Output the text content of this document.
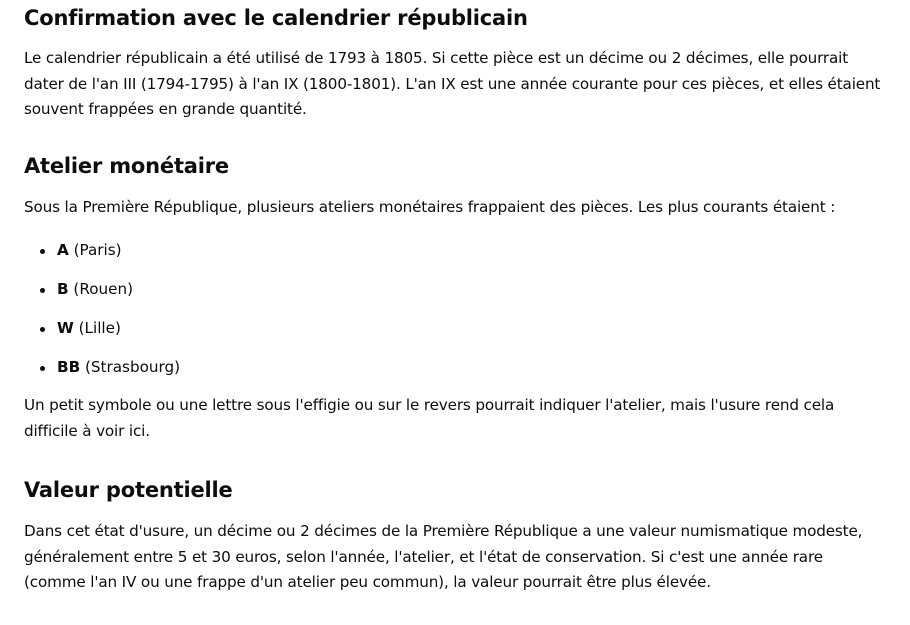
Confirmation avec le calendrier républicain

Le calendrier républicain a été utilisé de 1793 à 1805. Si cette pièce est un décime ou 2 décimes, elle pourrait dater de l'an III (1794-1795) à l'an IX (1800-1801). L'an IX est une année courante pour ces pièces, et elles étaient souvent frappées en grande quantité.

Atelier monétaire

Sous la Première République, plusieurs ateliers monétaires frappaient des pièces. Les plus courants étaient :

A (Paris)
B (Rouen)
W (Lille)
BB (Strasbourg)

Un petit symbole ou une lettre sous l'effigie ou sur le revers pourrait indiquer l'atelier, mais l'usure rend cela difficile à voir ici.

Valeur potentielle

Dans cet état d'usure, un décime ou 2 décimes de la Première République a une valeur numismatique modeste, généralement entre 5 et 30 euros, selon l'année, l'atelier, et l'état de conservation. Si c'est une année rare (comme l'an IV ou une frappe d'un atelier peu commun), la valeur pourrait être plus élevée.
